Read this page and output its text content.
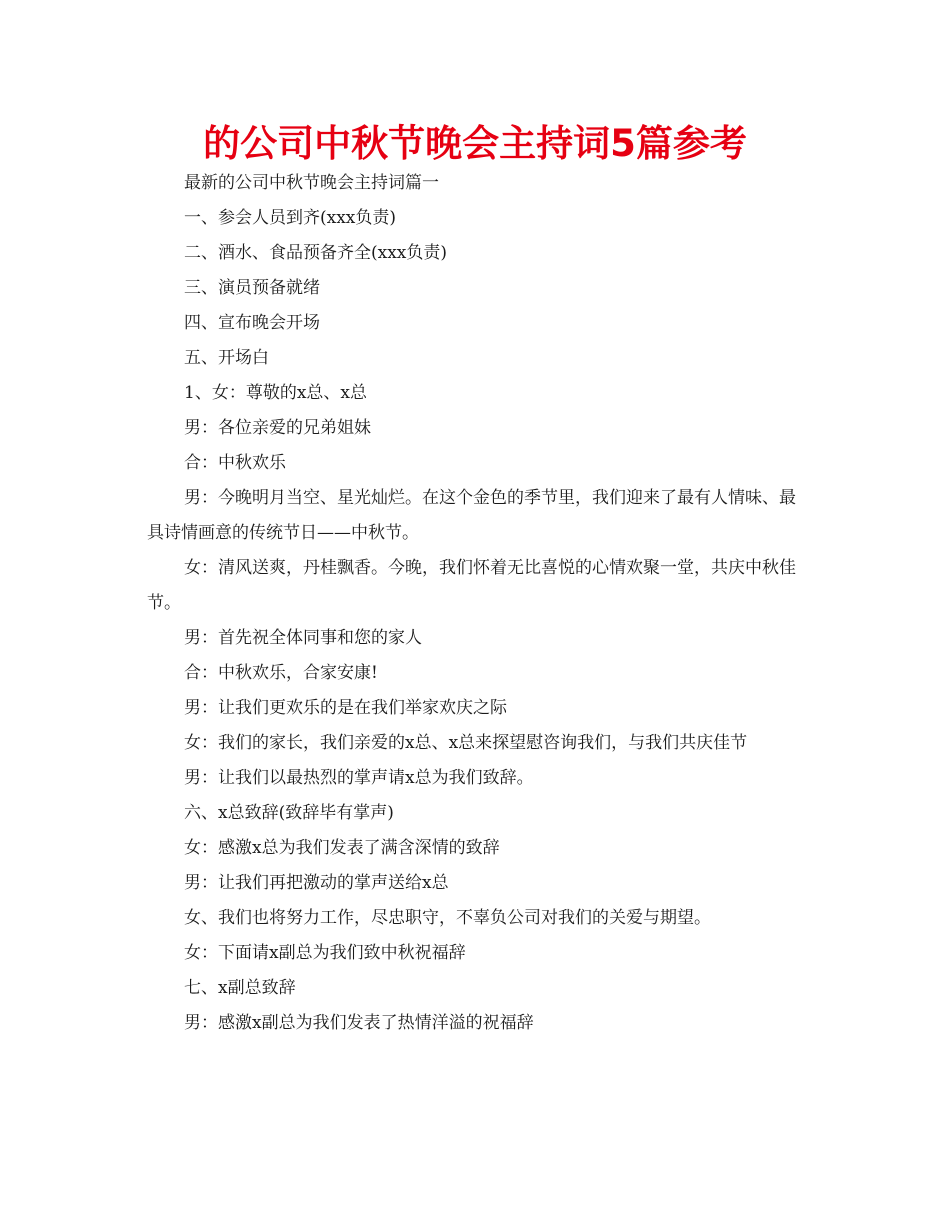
的公司中秋节晚会主持词5篇参考

最新的公司中秋节晚会主持词篇一

一、参会人员到齐(xxx负责)

二、酒水、食品预备齐全(xxx负责)

三、演员预备就绪

四、宣布晚会开场

五、开场白

1、女：尊敬的x总、x总

男：各位亲爱的兄弟姐妹

合：中秋欢乐

男：今晚明月当空、星光灿烂。在这个金色的季节里，我们迎来了最有人情味、最具诗情画意的传统节日——中秋节。

女：清风送爽，丹桂飘香。今晚，我们怀着无比喜悦的心情欢聚一堂，共庆中秋佳节。

男：首先祝全体同事和您的家人

合：中秋欢乐，合家安康!

男：让我们更欢乐的是在我们举家欢庆之际

女：我们的家长，我们亲爱的x总、x总来探望慰咨询我们，与我们共庆佳节

男：让我们以最热烈的掌声请x总为我们致辞。

六、x总致辞(致辞毕有掌声)

女：感激x总为我们发表了满含深情的致辞

男：让我们再把激动的掌声送给x总

女、我们也将努力工作，尽忠职守，不辜负公司对我们的关爱与期望。

女：下面请x副总为我们致中秋祝福辞

七、x副总致辞

男：感激x副总为我们发表了热情洋溢的祝福辞
